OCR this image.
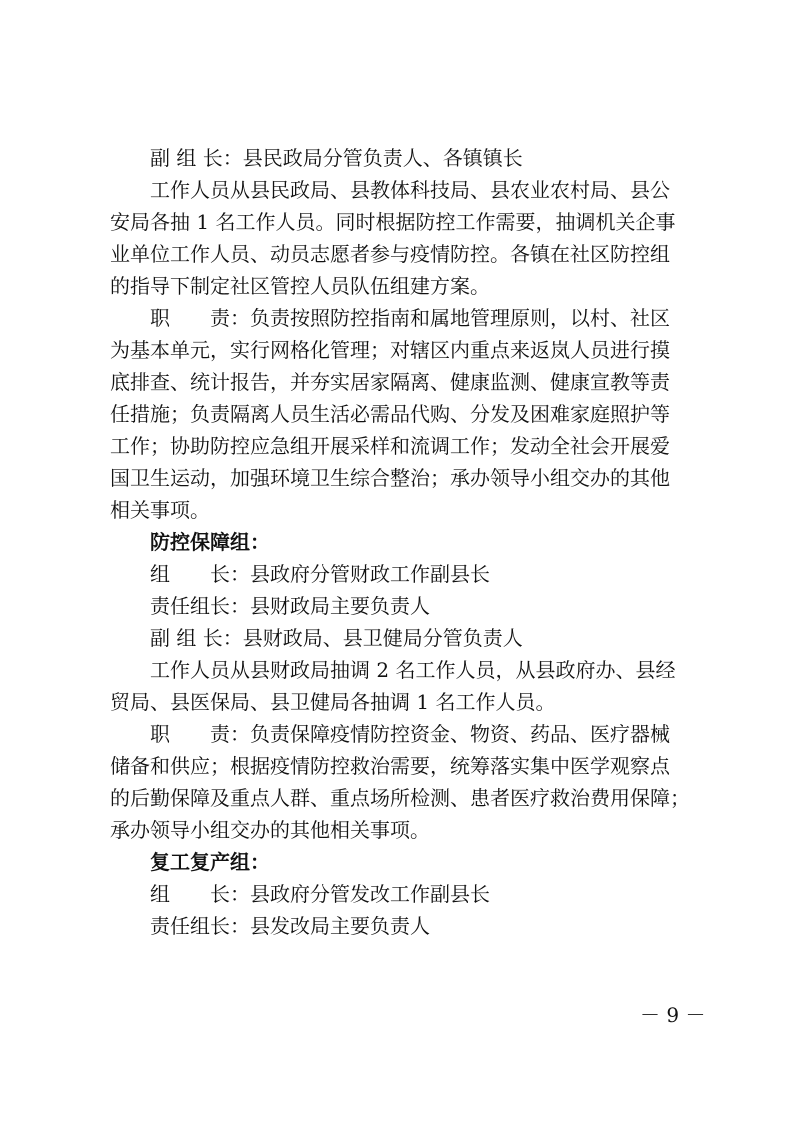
副 组 长：县民政局分管负责人、各镇镇长
工作人员从县民政局、县教体科技局、县农业农村局、县公
安局各抽 1 名工作人员。同时根据防控工作需要，抽调机关企事
业单位工作人员、动员志愿者参与疫情防控。各镇在社区防控组
的指导下制定社区管控人员队伍组建方案。
职　　责：负责按照防控指南和属地管理原则，以村、社区
为基本单元，实行网格化管理；对辖区内重点来返岚人员进行摸
底排查、统计报告，并夯实居家隔离、健康监测、健康宣教等责
任措施；负责隔离人员生活必需品代购、分发及困难家庭照护等
工作；协助防控应急组开展采样和流调工作；发动全社会开展爱
国卫生运动，加强环境卫生综合整治；承办领导小组交办的其他
相关事项。
防控保障组：
组　　长：县政府分管财政工作副县长
责任组长：县财政局主要负责人
副 组 长：县财政局、县卫健局分管负责人
工作人员从县财政局抽调 2 名工作人员，从县政府办、县经
贸局、县医保局、县卫健局各抽调 1 名工作人员。
职　　责：负责保障疫情防控资金、物资、药品、医疗器械
储备和供应；根据疫情防控救治需要，统筹落实集中医学观察点
的后勤保障及重点人群、重点场所检测、患者医疗救治费用保障；
承办领导小组交办的其他相关事项。
复工复产组：
组　　长：县政府分管发改工作副县长
责任组长：县发改局主要负责人
－ 9 －
